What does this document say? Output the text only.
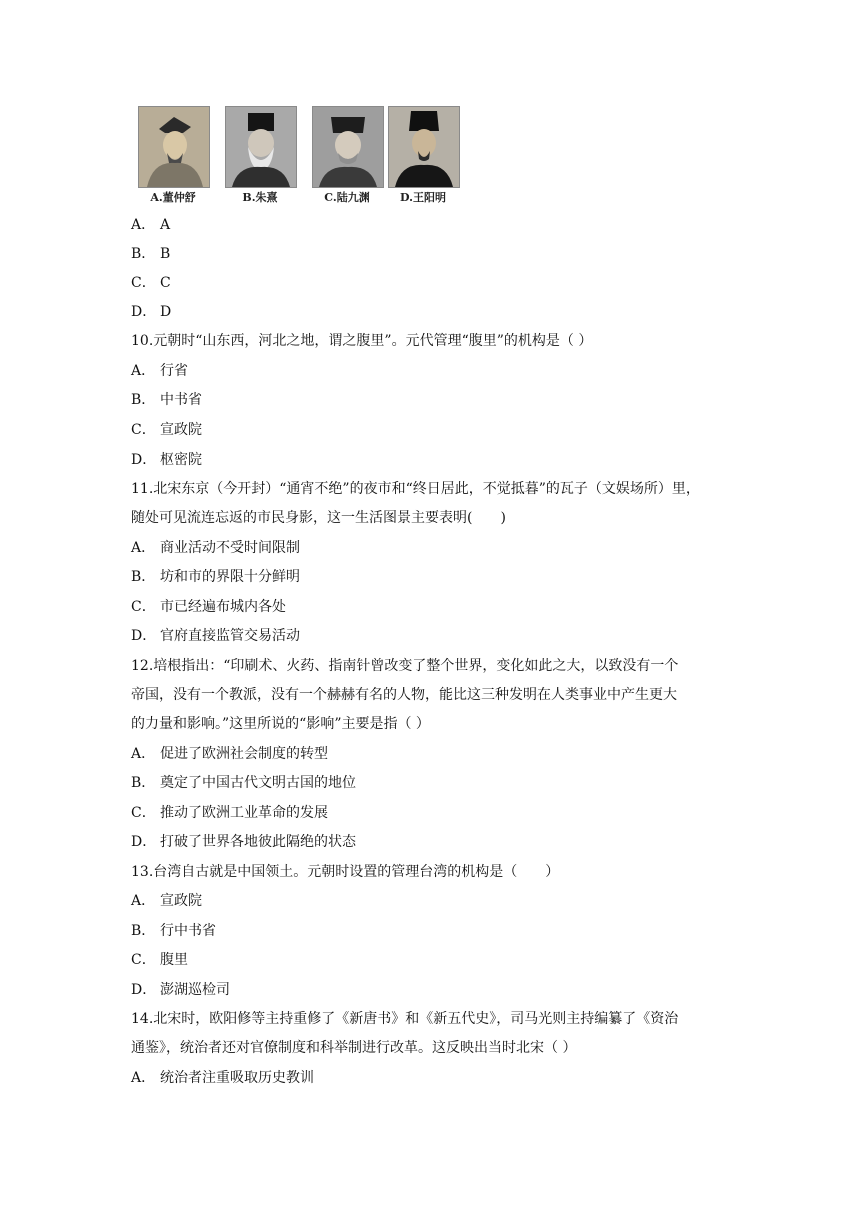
A.董仲舒	B.朱熹	C.陆九渊	D.王阳明
A． A
B． B
C． C
D． D
10.元朝时“山东西，河北之地，谓之腹里”。元代管理“腹里”的机构是（ ）
A． 行省
B． 中书省
C． 宣政院
D． 枢密院
11.北宋东京（今开封）“通宵不绝”的夜市和“终日居此，不觉抵暮”的瓦子（文娱场所）里，
随处可见流连忘返的市民身影，这一生活图景主要表明(　　)
A． 商业活动不受时间限制
B． 坊和市的界限十分鲜明
C． 市已经遍布城内各处
D． 官府直接监管交易活动
12.培根指出：“印刷术、火药、指南针曾改变了整个世界，变化如此之大，以致没有一个
帝国，没有一个教派，没有一个赫赫有名的人物，能比这三种发明在人类事业中产生更大
的力量和影响。”这里所说的“影响”主要是指（ ）
A． 促进了欧洲社会制度的转型
B． 奠定了中国古代文明古国的地位
C． 推动了欧洲工业革命的发展
D． 打破了世界各地彼此隔绝的状态
13.台湾自古就是中国领土。元朝时设置的管理台湾的机构是（　　）
A． 宣政院
B． 行中书省
C． 腹里
D． 澎湖巡检司
14.北宋时，欧阳修等主持重修了《新唐书》和《新五代史》，司马光则主持编纂了《资治
通鉴》，统治者还对官僚制度和科举制进行改革。这反映出当时北宋（ ）
A． 统治者注重吸取历史教训
